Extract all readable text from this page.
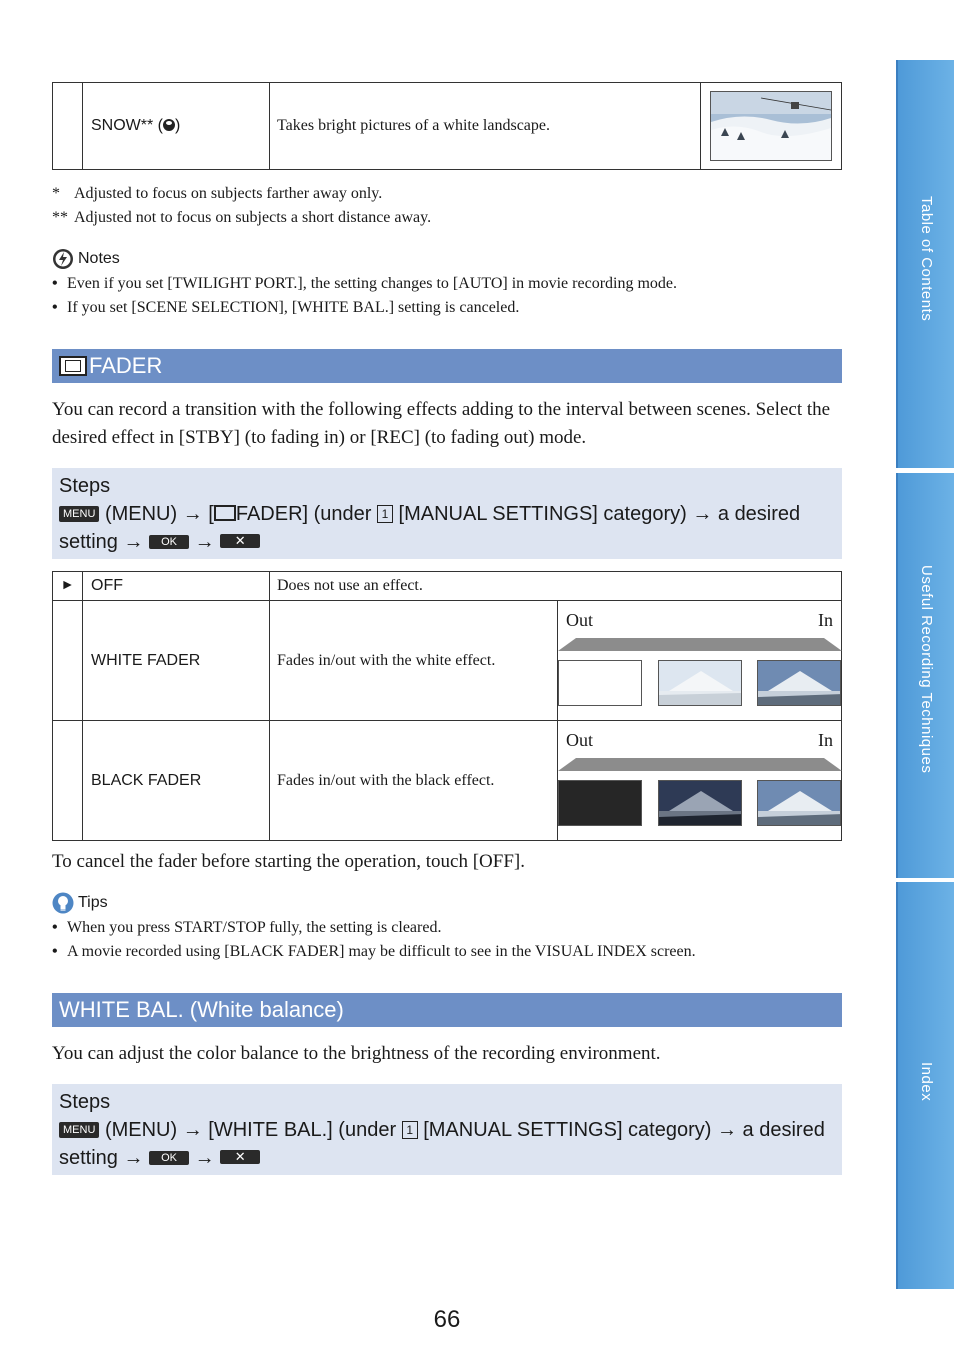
	SNOW** ( )	Takes bright pictures of a white landscape.	
* Adjusted to focus on subjects farther away only.
** Adjusted not to focus on subjects a short distance away.
Notes
• Even if you set [TWILIGHT PORT.], the setting changes to [AUTO] in movie recording mode.
• If you set [SCENE SELECTION], [WHITE BAL.] setting is canceled.
FADER
You can record a transition with the following effects adding to the interval between scenes. Select the desired effect in [STBY] (to fading in) or [REC] (to fading out) mode.
Steps
MENU (MENU) → [ FADER] (under 1 [MANUAL SETTINGS] category) → a desired setting → OK → ✕
►	OFF	Does not use an effect.	
	WHITE FADER	Fades in/out with the white effect.	Out In

	BLACK FADER	Fades in/out with the black effect.	Out In
To cancel the fader before starting the operation, touch [OFF].
Tips
• When you press START/STOP fully, the setting is cleared.
• A movie recorded using [BLACK FADER] may be difficult to see in the VISUAL INDEX screen.
WHITE BAL. (White balance)
You can adjust the color balance to the brightness of the recording environment.
Steps
MENU (MENU) → [WHITE BAL.] (under 1 [MANUAL SETTINGS] category) → a desired setting → OK → ✕
Table of Contents
Useful Recording Techniques
Index
66
